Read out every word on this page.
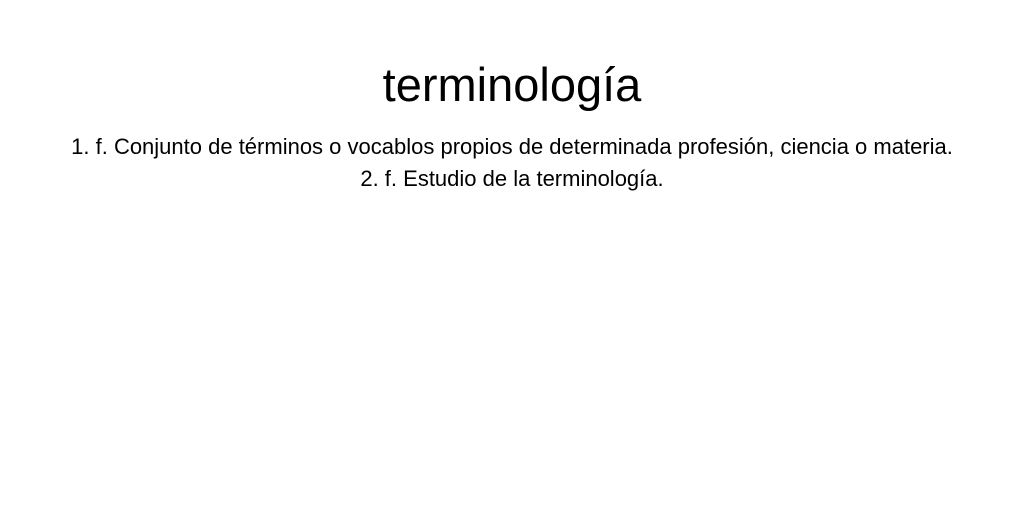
terminología
1. f. Conjunto de términos o vocablos propios de determinada profesión, ciencia o materia.
2. f. Estudio de la terminología.
